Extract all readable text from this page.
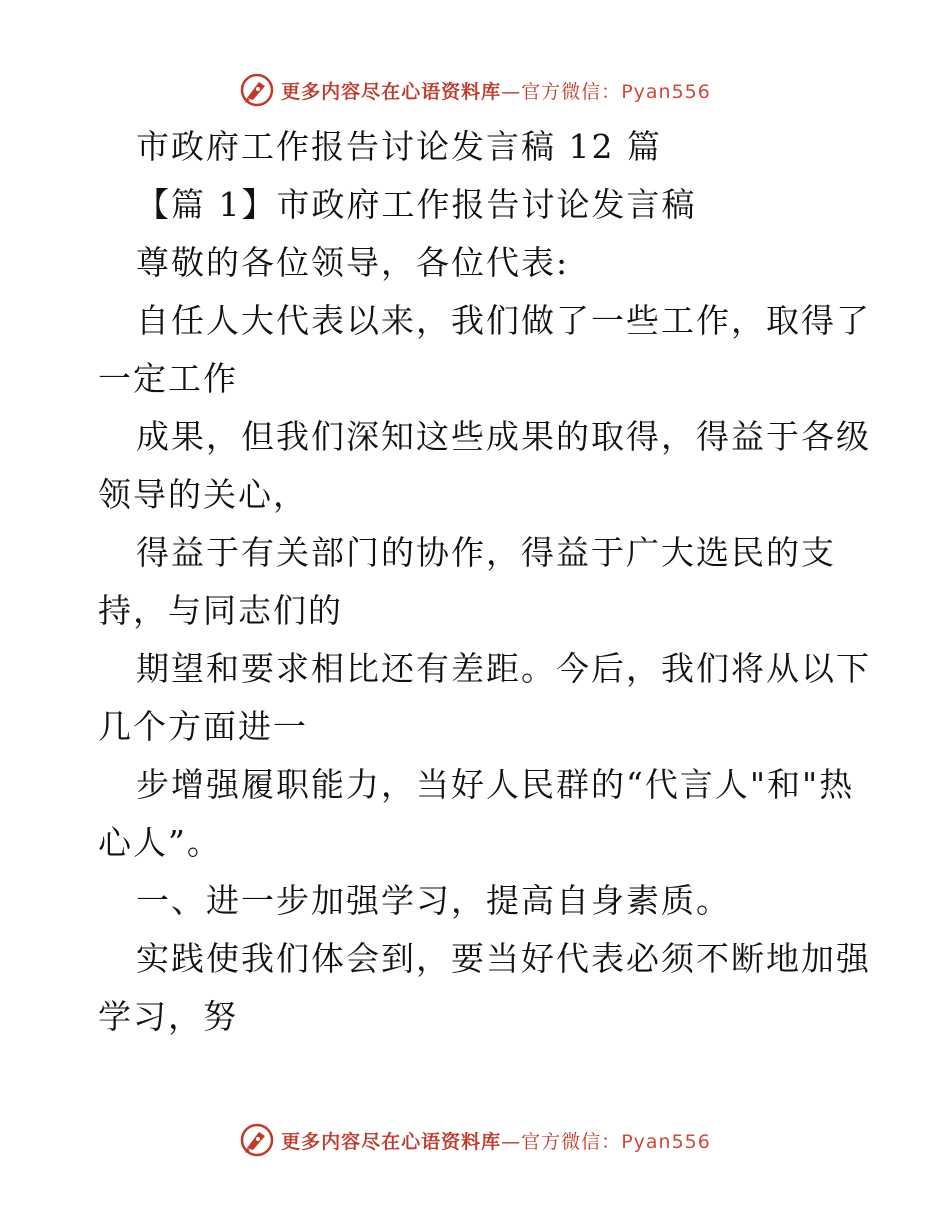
更多内容尽在心语资料库—官方微信：Pyan556
市政府工作报告讨论发言稿 12 篇
【篇 1】市政府工作报告讨论发言稿
尊敬的各位领导，各位代表:
自任人大代表以来，我们做了一些工作，取得了
一定工作
成果，但我们深知这些成果的取得，得益于各级
领导的关心，
得益于有关部门的协作，得益于广大选民的支
持，与同志们的
期望和要求相比还有差距。今后，我们将从以下
几个方面进一
步增强履职能力，当好人民群的“代言人"和"热
心人”。
一、进一步加强学习，提高自身素质。
实践使我们体会到，要当好代表必须不断地加强
学习，努
更多内容尽在心语资料库—官方微信：Pyan556
